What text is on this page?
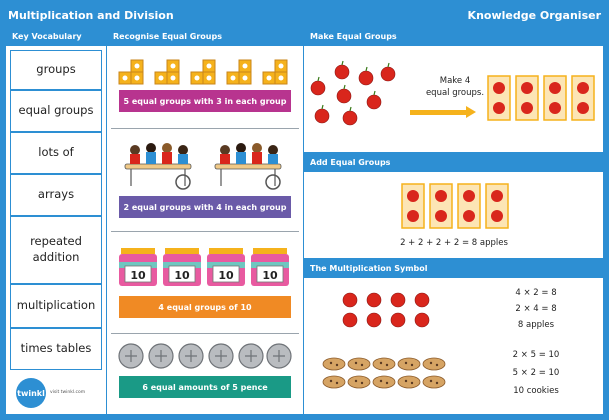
Multiplication and Division	Knowledge Organiser
Key Vocabulary
groups
equal groups
lots of
arrays
repeated addition
multiplication
times tables
twinkl visit twinkl.com
Recognise Equal Groups
5 equal groups with 3 in each group
2 equal groups with 4 in each group
10	10	10	10
4 equal groups of 10
6 equal amounts of 5 pence
Make Equal Groups
Make 4
equal groups.
Add Equal Groups
2 + 2 + 2 + 2 = 8 apples
The Multiplication Symbol
4 × 2 = 8
2 × 4 = 8
8 apples
2 × 5 = 10
5 × 2 = 10
10 cookies
